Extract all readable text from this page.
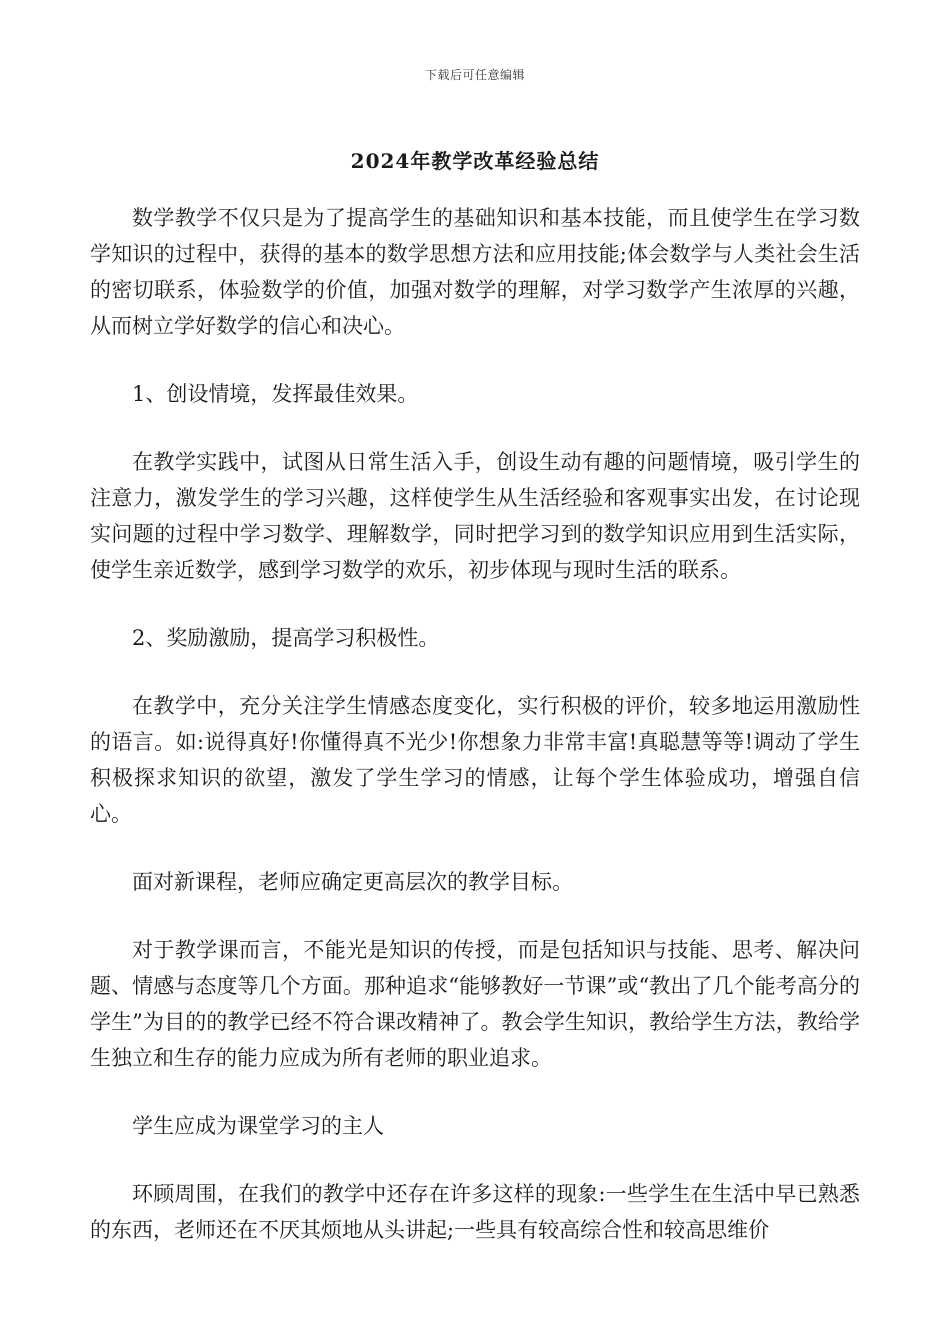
下载后可任意编辑
2024年教学改革经验总结

数学教学不仅只是为了提高学生的基础知识和基本技能，而且使学生在学习数学知识的过程中，获得的基本的数学思想方法和应用技能;体会数学与人类社会生活的密切联系，体验数学的价值，加强对数学的理解，对学习数学产生浓厚的兴趣，从而树立学好数学的信心和决心。

1、创设情境，发挥最佳效果。

在教学实践中，试图从日常生活入手，创设生动有趣的问题情境，吸引学生的注意力，激发学生的学习兴趣，这样使学生从生活经验和客观事实出发，在讨论现实问题的过程中学习数学、理解数学，同时把学习到的数学知识应用到生活实际，使学生亲近数学，感到学习数学的欢乐，初步体现与现时生活的联系。

2、奖励激励，提高学习积极性。

在教学中，充分关注学生情感态度变化，实行积极的评价，较多地运用激励性的语言。如:说得真好!你懂得真不光少!你想象力非常丰富!真聪慧等等!调动了学生积极探求知识的欲望，激发了学生学习的情感，让每个学生体验成功，增强自信心。

面对新课程，老师应确定更高层次的教学目标。

对于教学课而言，不能光是知识的传授，而是包括知识与技能、思考、解决问题、情感与态度等几个方面。那种追求“能够教好一节课”或“教出了几个能考高分的学生”为目的的教学已经不符合课改精神了。教会学生知识，教给学生方法，教给学生独立和生存的能力应成为所有老师的职业追求。

学生应成为课堂学习的主人

环顾周围，在我们的教学中还存在许多这样的现象:一些学生在生活中早已熟悉的东西，老师还在不厌其烦地从头讲起;一些具有较高综合性和较高思维价
